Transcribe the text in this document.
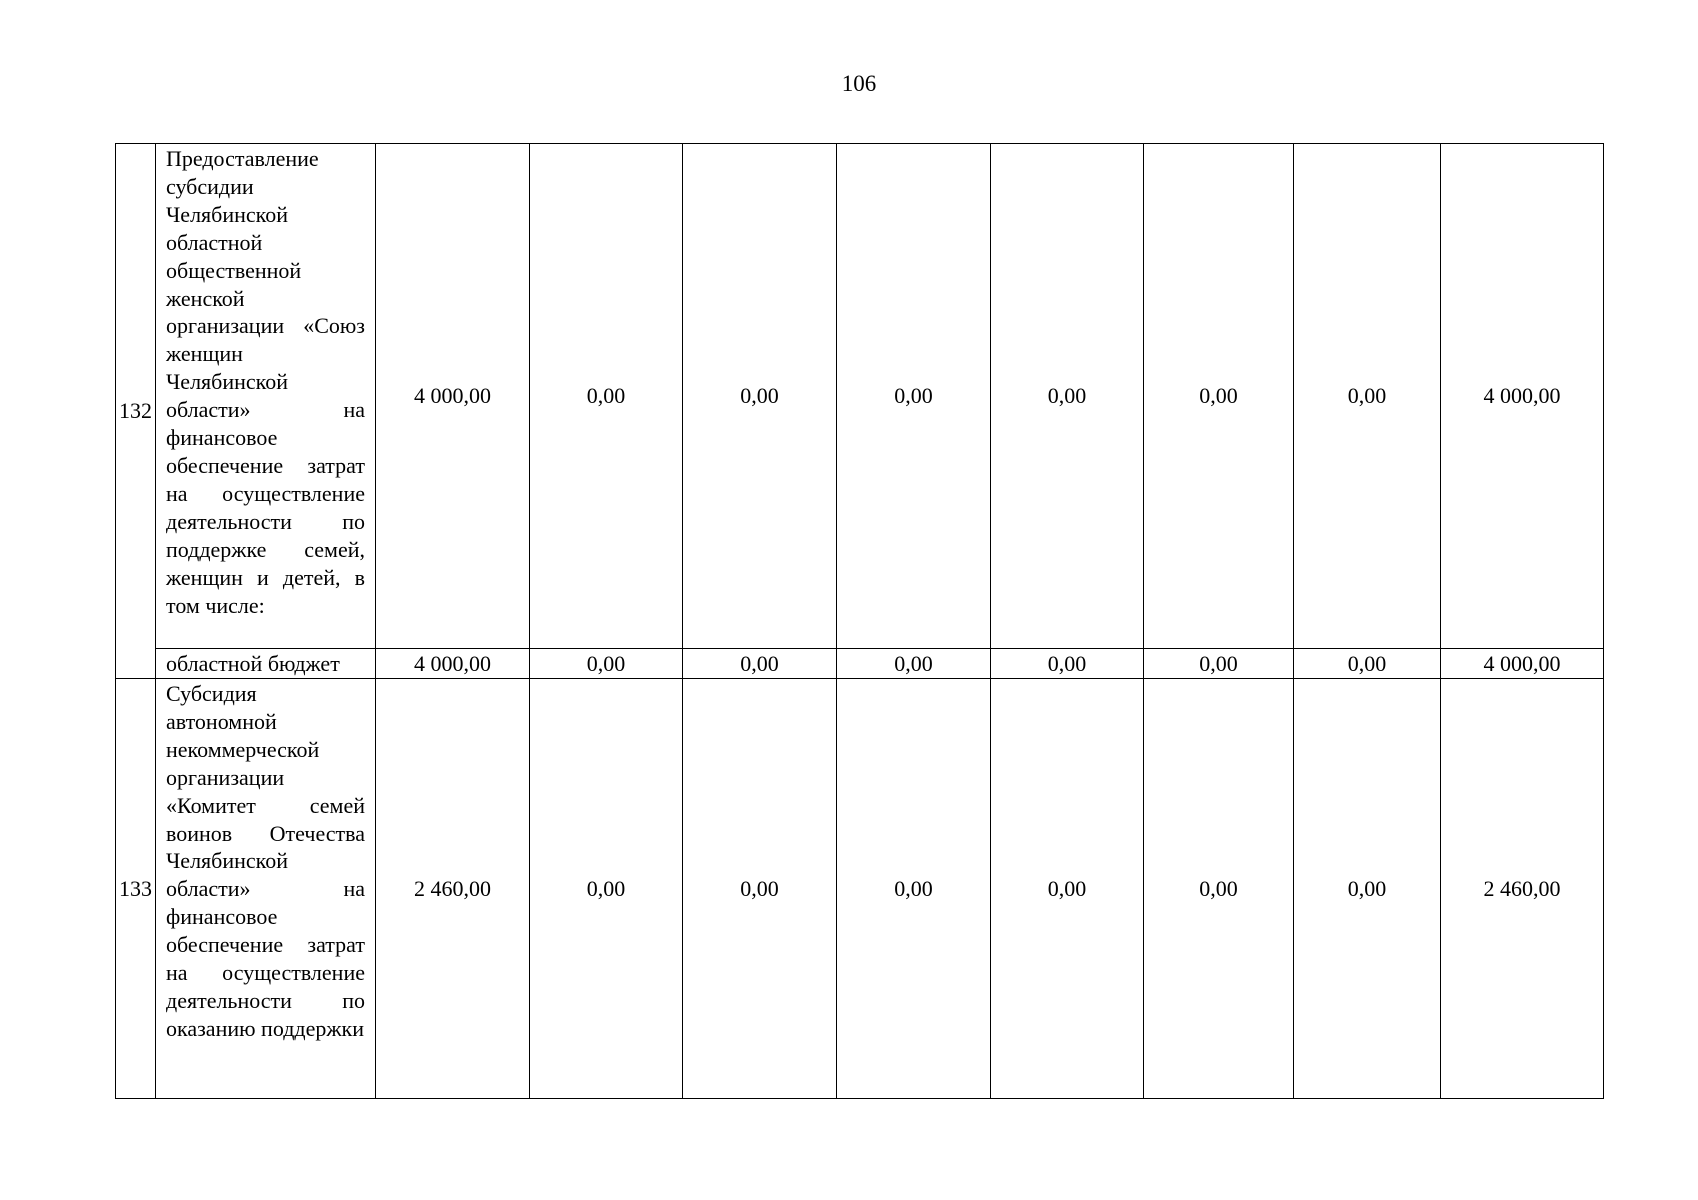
106
132	Предоставление субсидии Челябинской областной общественной женской организации «Союз женщин Челябинской области» на финансовое обеспечение затрат на осуществление деятельности по поддержке семей, женщин и детей, в том числе:	4 000,00	0,00	0,00	0,00	0,00	0,00	0,00	4 000,00
	областной бюджет	4 000,00	0,00	0,00	0,00	0,00	0,00	0,00	4 000,00
133	Субсидия автономной некоммерческой организации «Комитет семей воинов Отечества Челябинской области» на финансовое обеспечение затрат на осуществление деятельности по оказанию поддержки	2 460,00	0,00	0,00	0,00	0,00	0,00	0,00	2 460,00
